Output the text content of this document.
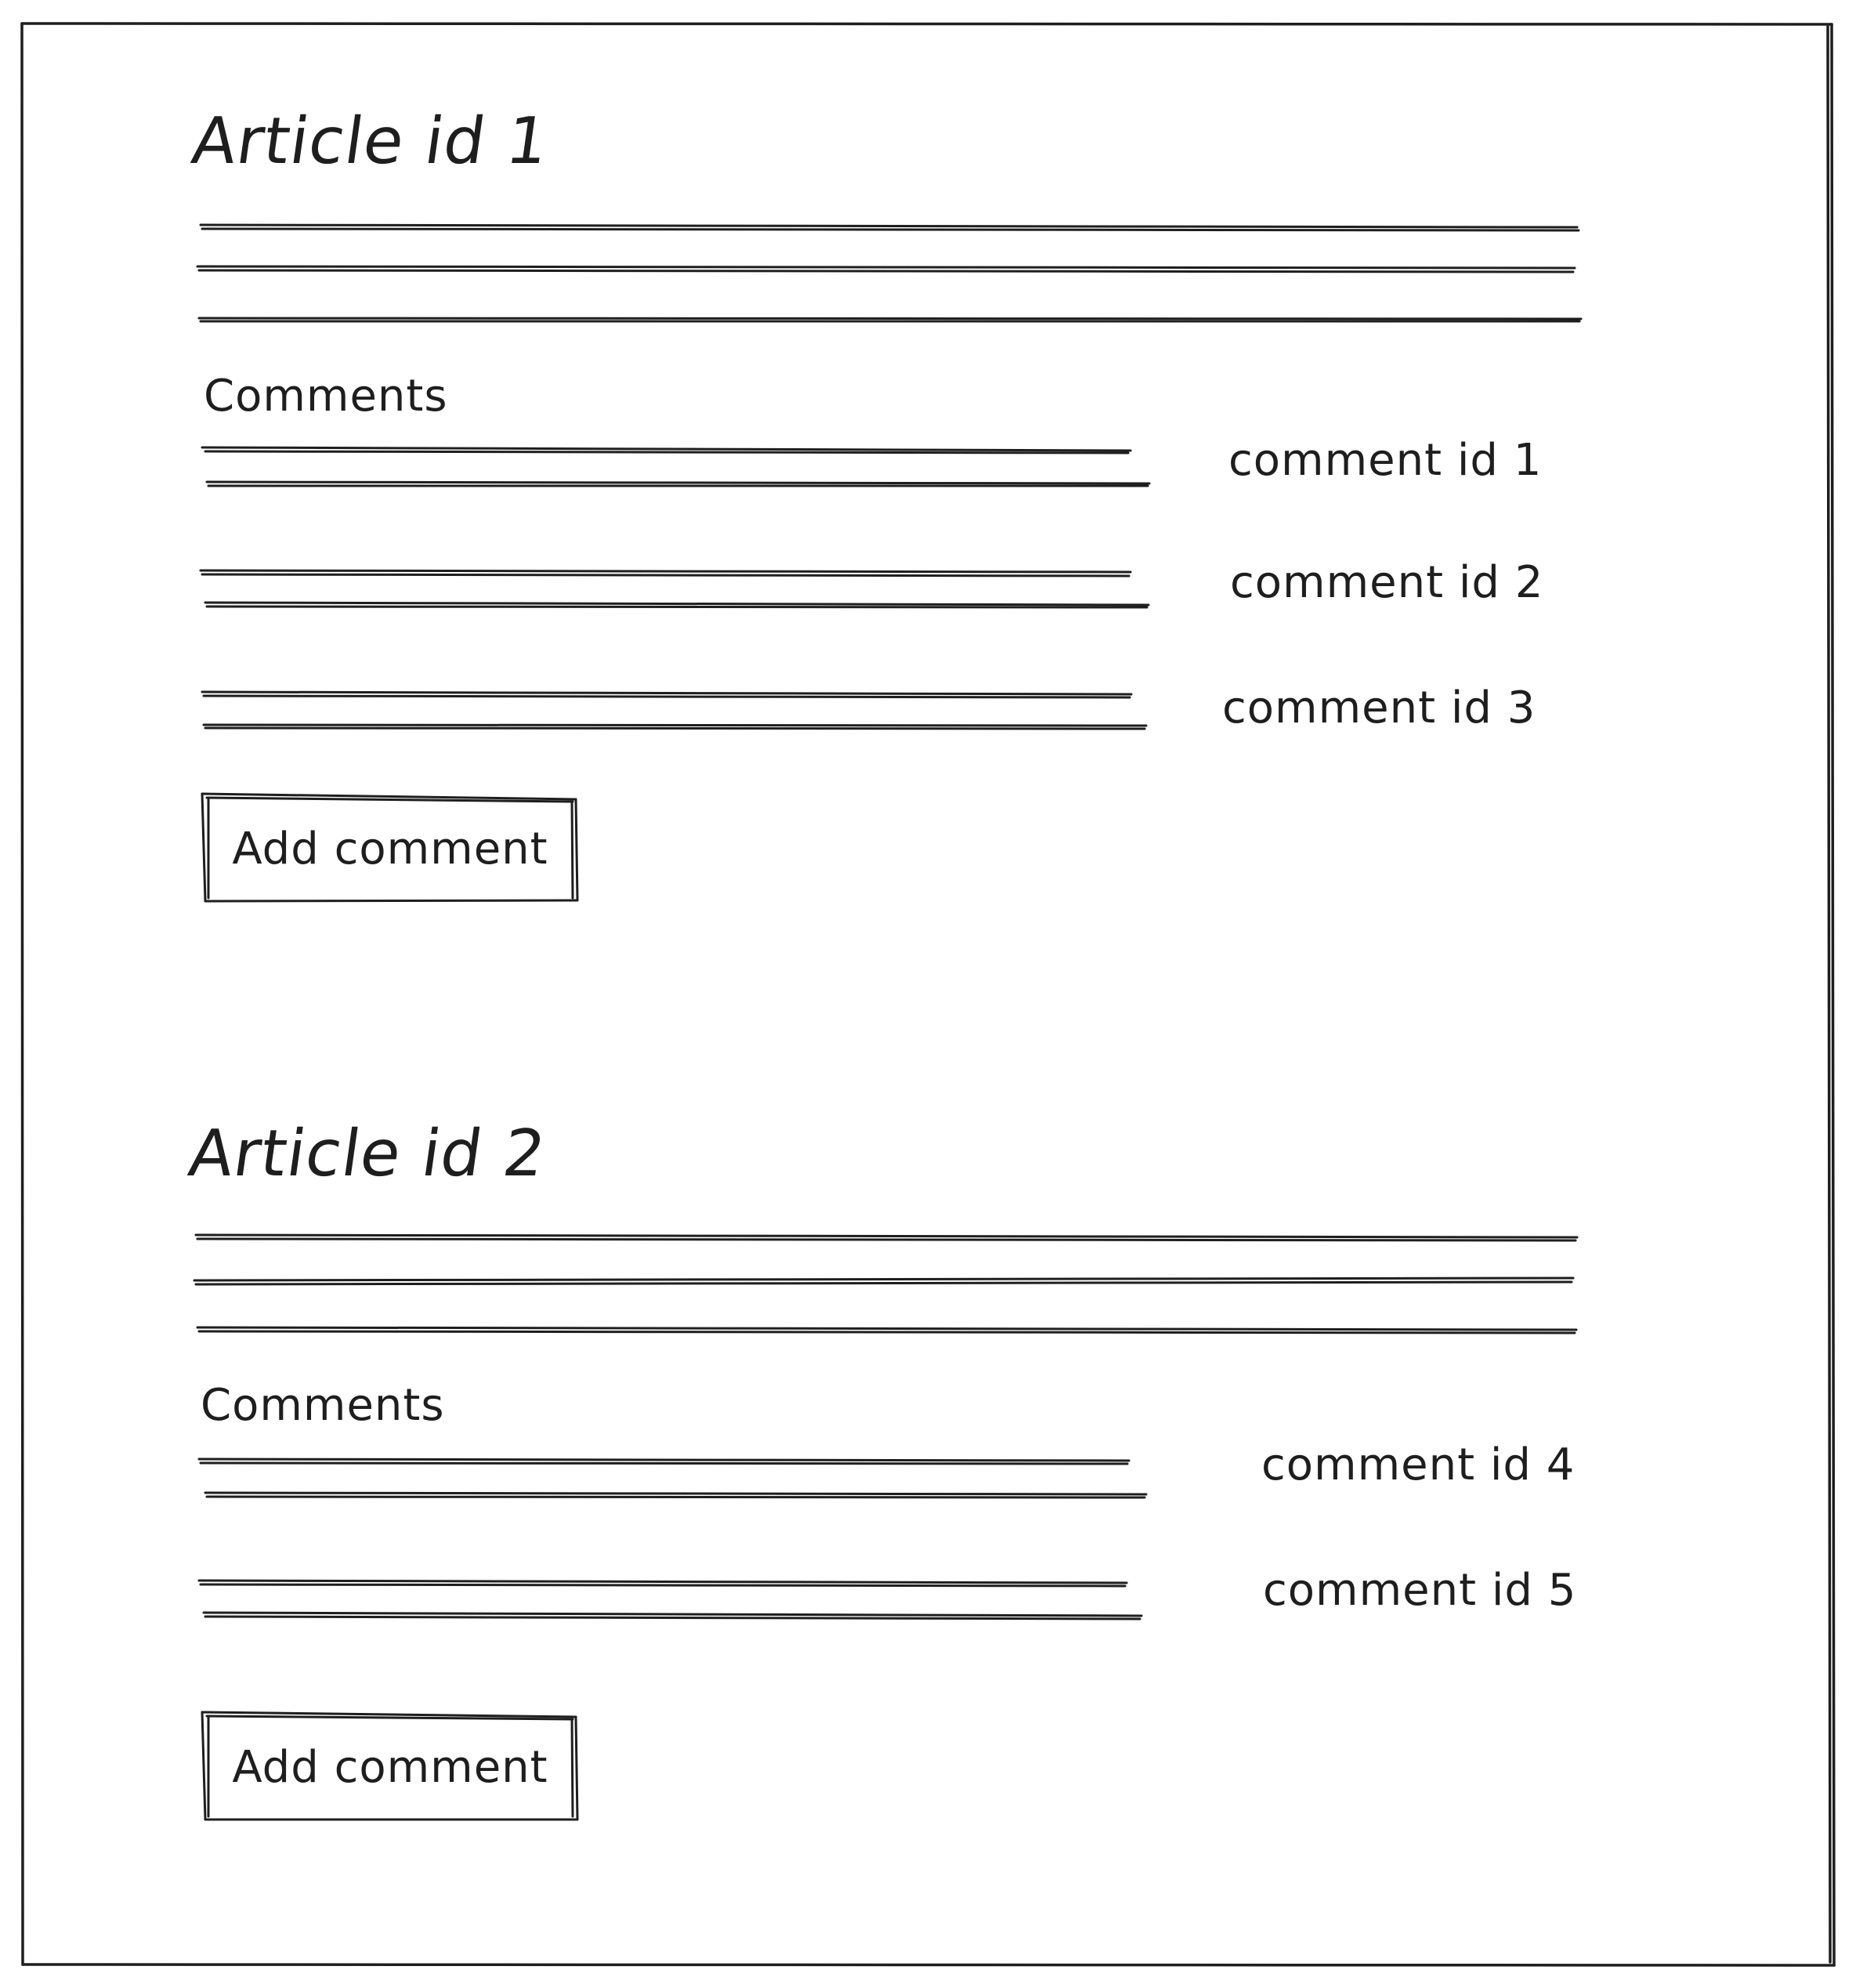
Article id 1
Comments
comment id 1
comment id 2
comment id 3
Add comment
Article id 2
Comments
comment id 4
comment id 5
Add comment
